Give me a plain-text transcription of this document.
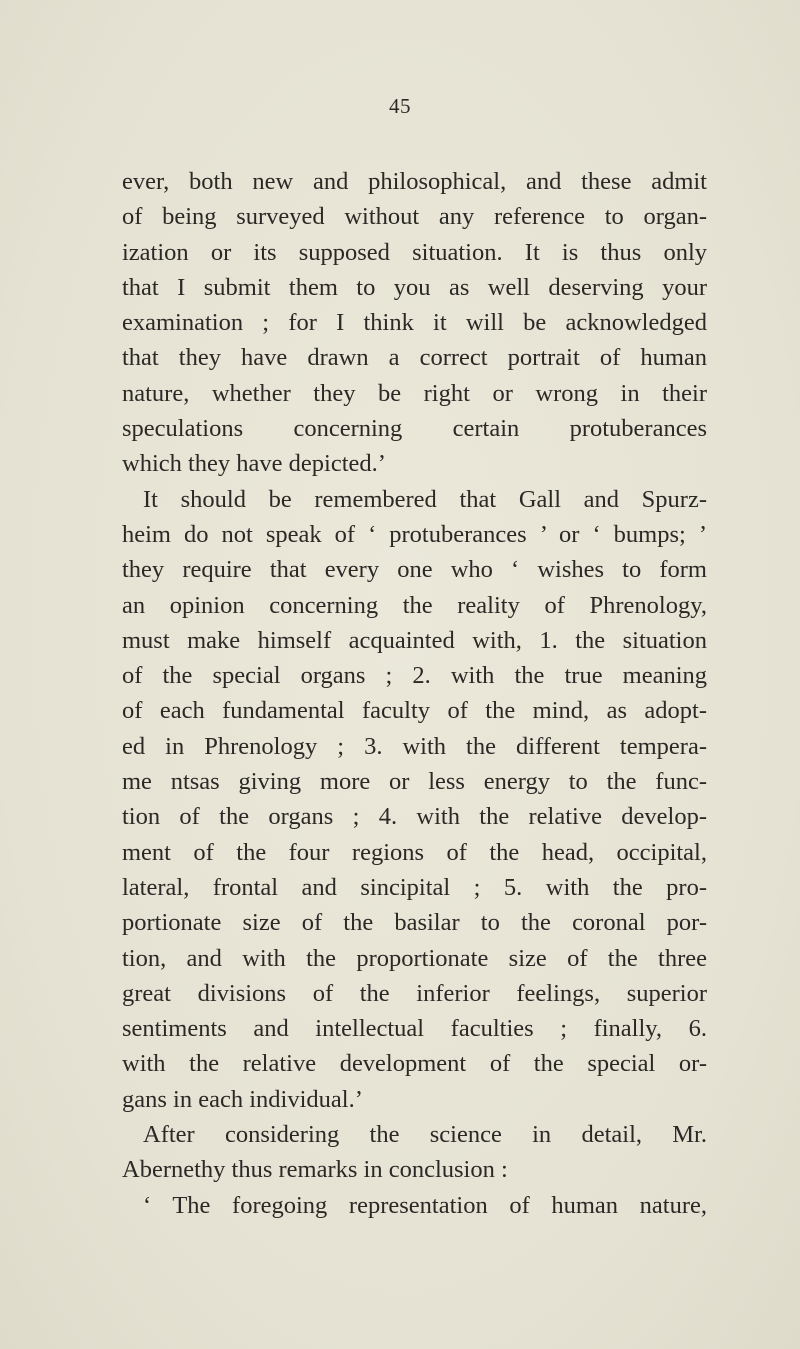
45
ever, both new and philosophical, and these admit
of being surveyed without any reference to organ-
ization or its supposed situation. It is thus only
that I submit them to you as well deserving your
examination ; for I think it will be acknowledged
that they have drawn a correct portrait of human
nature, whether they be right or wrong in their
speculations concerning certain protuberances
which they have depicted.’
It should be remembered that Gall and Spurz-
heim do not speak of ‘ protuberances ’ or ‘ bumps; ’
they require that every one who ‘ wishes to form
an opinion concerning the reality of Phrenology,
must make himself acquainted with, 1. the situation
of the special organs ; 2. with the true meaning
of each fundamental faculty of the mind, as adopt-
ed in Phrenology ; 3. with the different tempera-
me ntsas giving more or less energy to the func-
tion of the organs ; 4. with the relative develop-
ment of the four regions of the head, occipital,
lateral, frontal and sincipital ; 5. with the pro-
portionate size of the basilar to the coronal por-
tion, and with the proportionate size of the three
great divisions of the inferior feelings, superior
sentiments and intellectual faculties ; finally, 6.
with the relative development of the special or-
gans in each individual.’
After considering the science in detail, Mr.
Abernethy thus remarks in conclusion :
‘ The foregoing representation of human nature,
